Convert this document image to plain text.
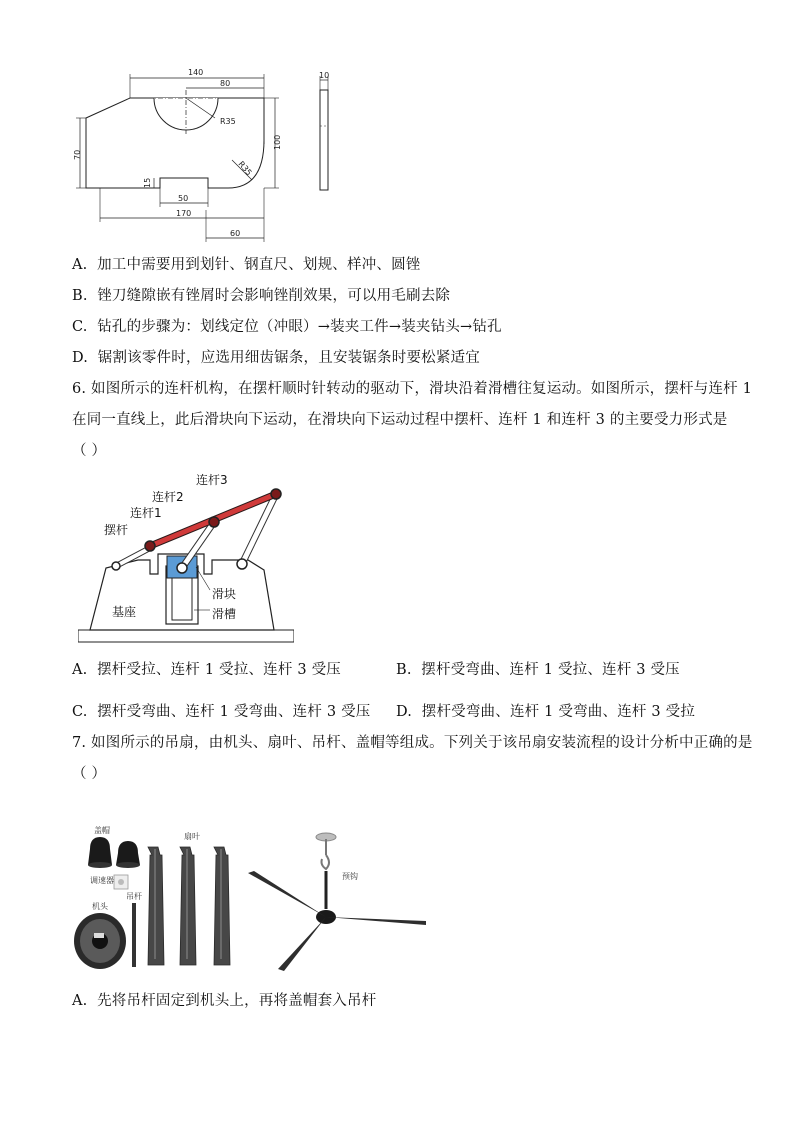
140
80
10
R35
R35
100
70
15
50
170
60
A. 加工中需要用到划针、钢直尺、划规、样冲、圆锉
B. 锉刀缝隙嵌有锉屑时会影响锉削效果，可以用毛刷去除
C. 钻孔的步骤为：划线定位（冲眼）→装夹工件→装夹钻头→钻孔
D. 锯割该零件时，应选用细齿锯条，且安装锯条时要松紧适宜
6. 如图所示的连杆机构，在摆杆顺时针转动的驱动下，滑块沿着滑槽往复运动。如图所示，摆杆与连杆 1
在同一直线上，此后滑块向下运动，在滑块向下运动过程中摆杆、连杆 1 和连杆 3 的主要受力形式是
（ ）
连杆3
连杆2
连杆1
摆杆
滑块
滑槽
基座
A. 摆杆受拉、连杆 1 受拉、连杆 3 受压	B. 摆杆受弯曲、连杆 1 受拉、连杆 3 受压
C. 摆杆受弯曲、连杆 1 受弯曲、连杆 3 受压 D. 摆杆受弯曲、连杆 1 受弯曲、连杆 3 受拉
7. 如图所示的吊扇，由机头、扇叶、吊杆、盖帽等组成。下列关于该吊扇安装流程的设计分析中正确的是
（ ）
盖帽
扇叶
调速器
吊杆
机头
预钩
A. 先将吊杆固定到机头上，再将盖帽套入吊杆
